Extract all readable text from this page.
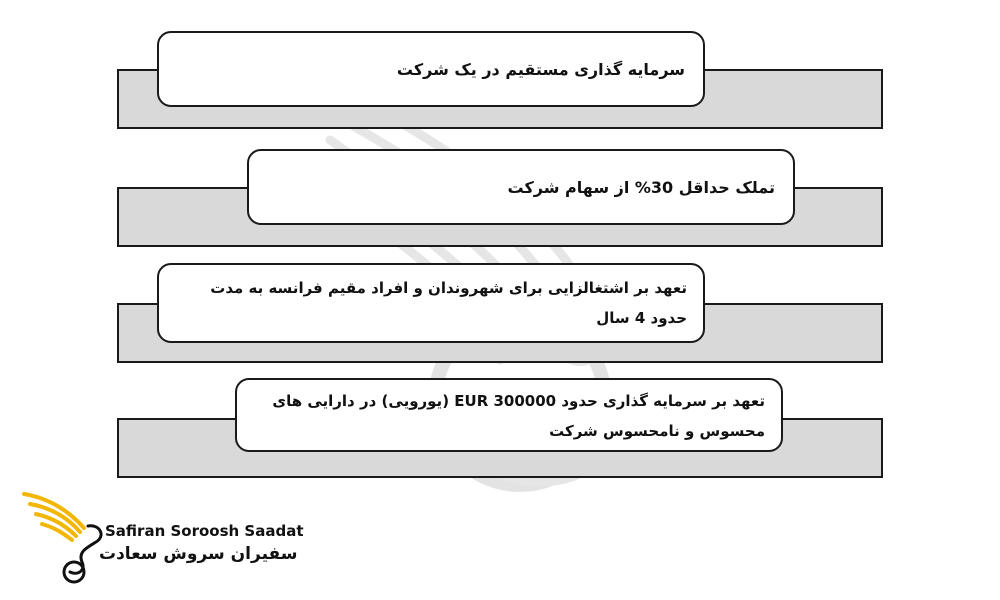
سرمایه گذاری مستقیم در یک شرکت
تملک حداقل 30% از سهام شرکت
تعهد بر اشتغالزایی برای شهروندان و افراد مقیم فرانسه به مدت حدود 4 سال
تعهد بر سرمایه گذاری حدود EUR 300000 (یورویی) در دارایی های محسوس و نامحسوس شرکت
Safiran Soroosh Saadat
سفیران سروش سعادت
